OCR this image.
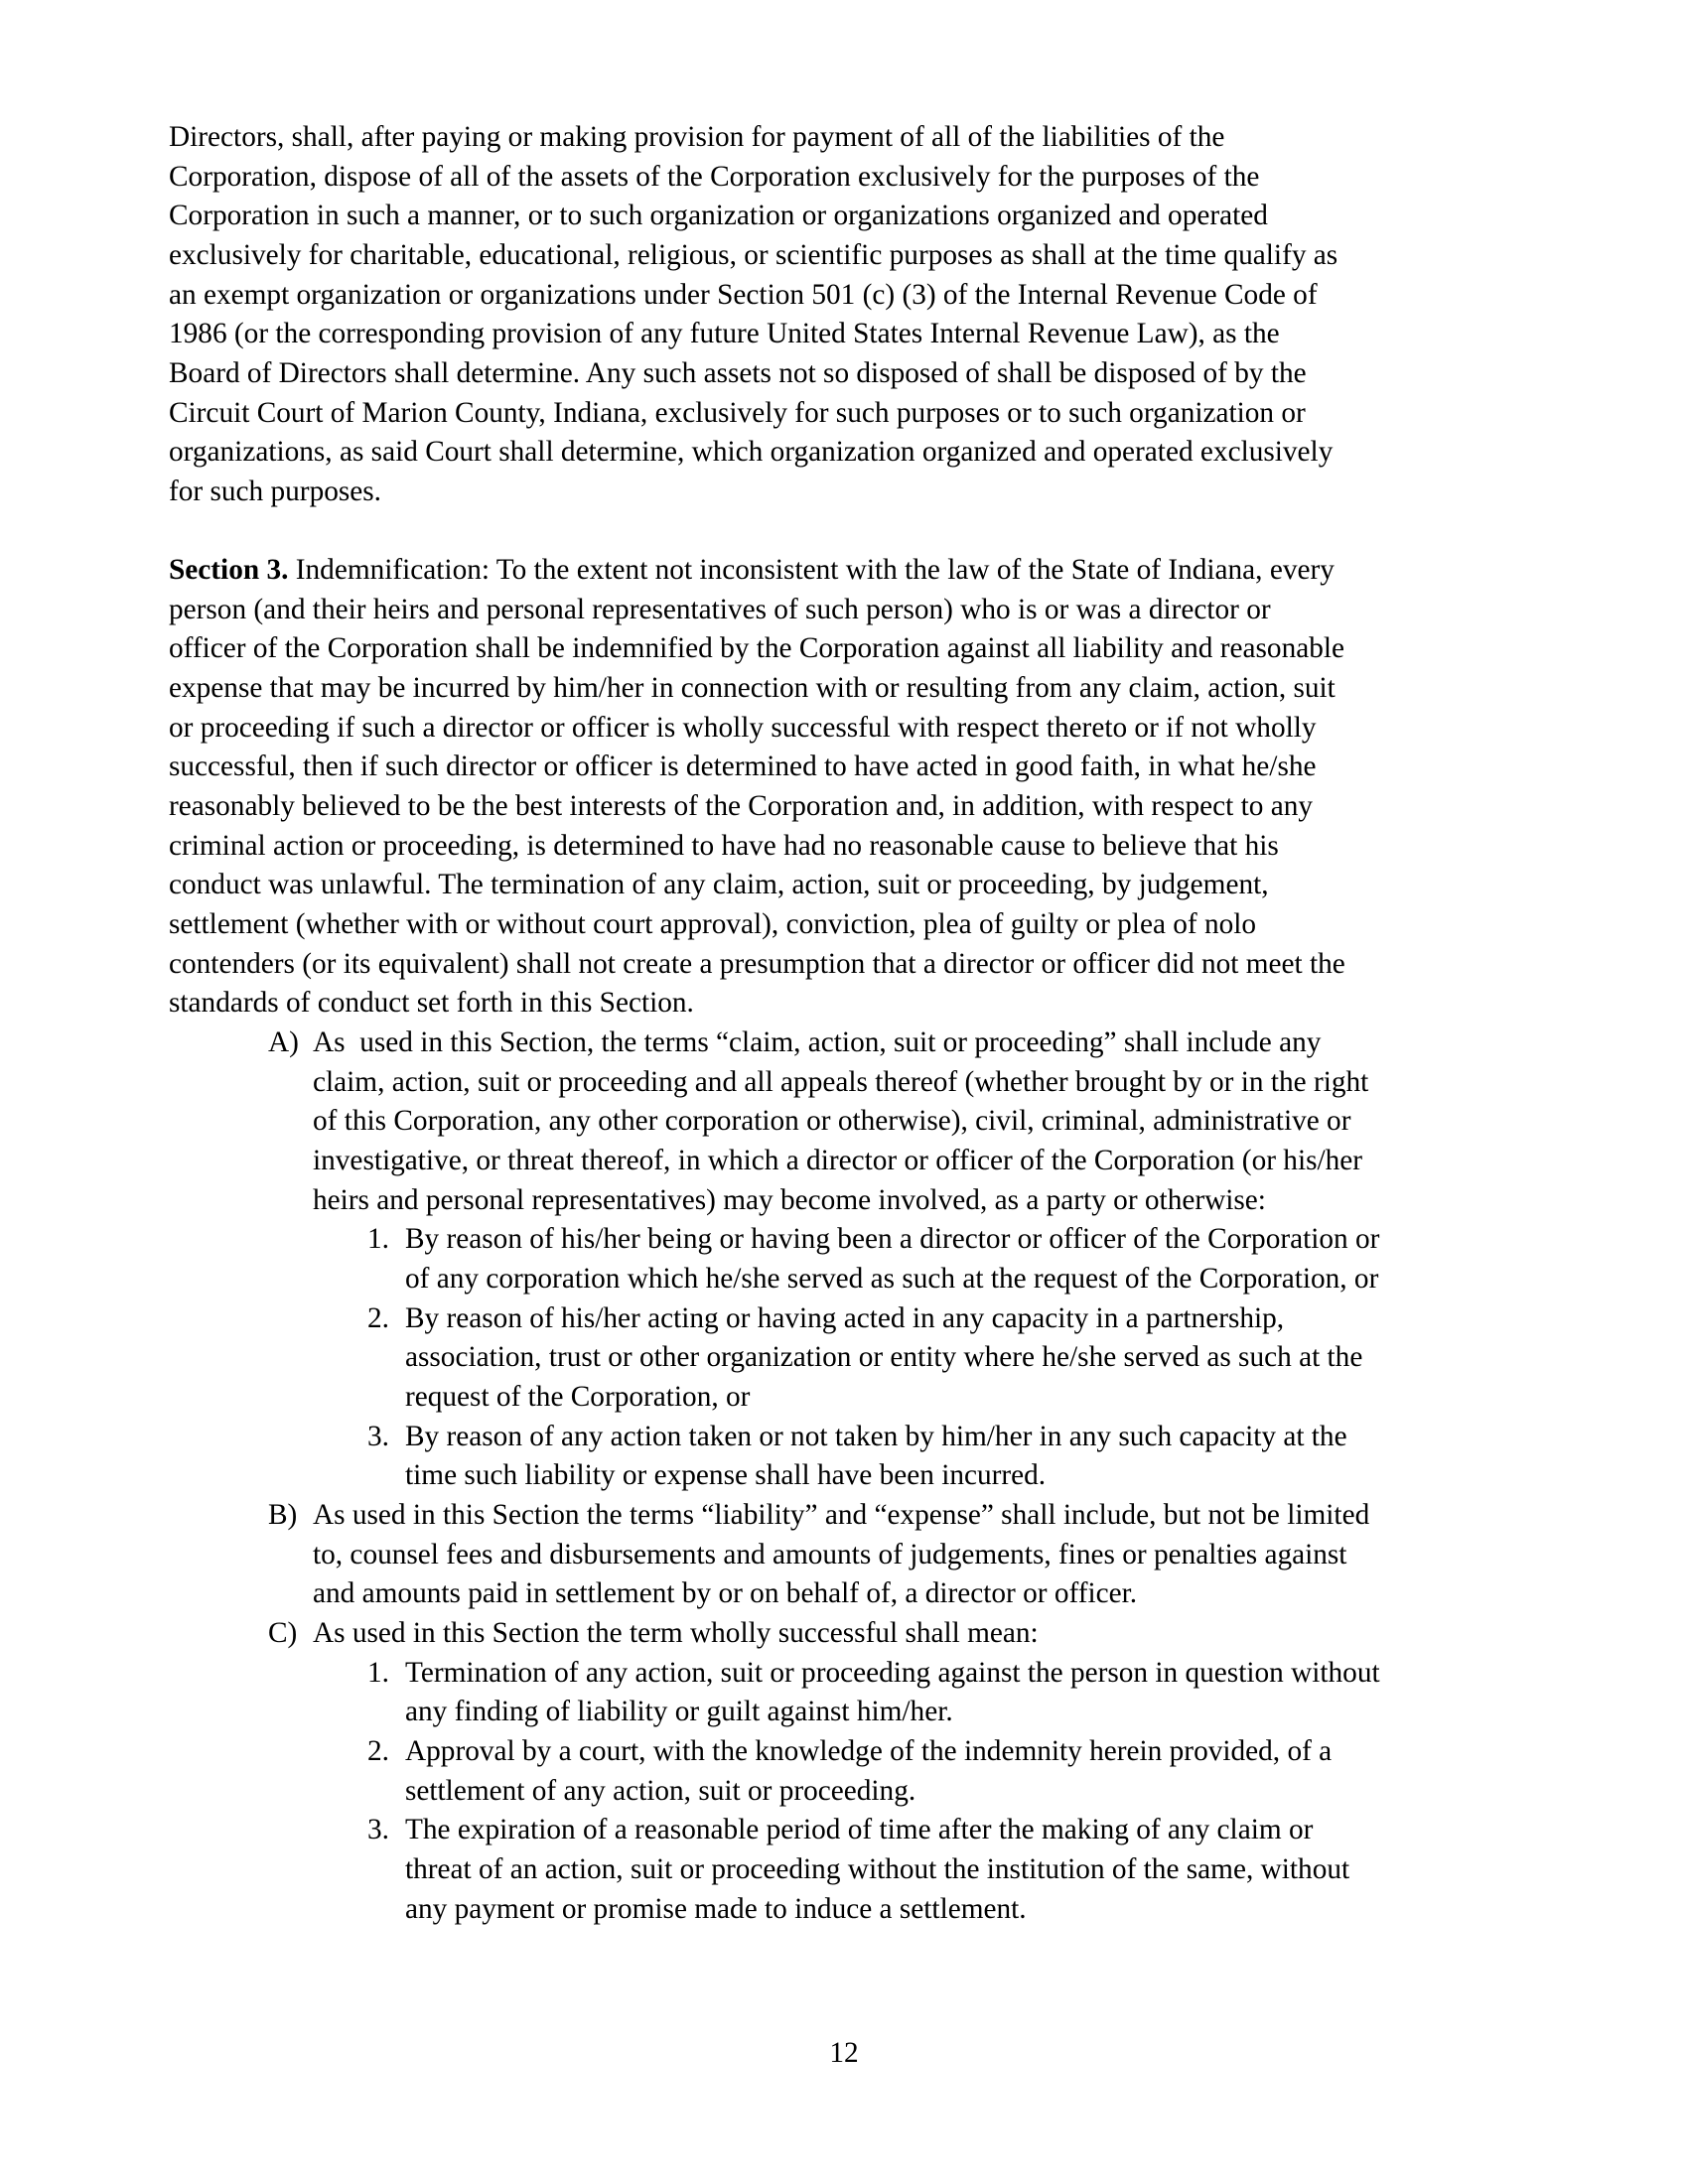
Directors, shall, after paying or making provision for payment of all of the liabilities of the
Corporation, dispose of all of the assets of the Corporation exclusively for the purposes of the
Corporation in such a manner, or to such organization or organizations organized and operated
exclusively for charitable, educational, religious, or scientific purposes as shall at the time qualify as
an exempt organization or organizations under Section 501 (c) (3) of the Internal Revenue Code of
1986 (or the corresponding provision of any future United States Internal Revenue Law), as the
Board of Directors shall determine. Any such assets not so disposed of shall be disposed of by the
Circuit Court of Marion County, Indiana, exclusively for such purposes or to such organization or
organizations, as said Court shall determine, which organization organized and operated exclusively
for such purposes.
Section 3. Indemnification: To the extent not inconsistent with the law of the State of Indiana, every
person (and their heirs and personal representatives of such person) who is or was a director or
officer of the Corporation shall be indemnified by the Corporation against all liability and reasonable
expense that may be incurred by him/her in connection with or resulting from any claim, action, suit
or proceeding if such a director or officer is wholly successful with respect thereto or if not wholly
successful, then if such director or officer is determined to have acted in good faith, in what he/she
reasonably believed to be the best interests of the Corporation and, in addition, with respect to any
criminal action or proceeding, is determined to have had no reasonable cause to believe that his
conduct was unlawful. The termination of any claim, action, suit or proceeding, by judgement,
settlement (whether with or without court approval), conviction, plea of guilty or plea of nolo
contenders (or its equivalent) shall not create a presumption that a director or officer did not meet the
standards of conduct set forth in this Section.
A) As  used in this Section, the terms “claim, action, suit or proceeding” shall include any
claim, action, suit or proceeding and all appeals thereof (whether brought by or in the right
of this Corporation, any other corporation or otherwise), civil, criminal, administrative or
investigative, or threat thereof, in which a director or officer of the Corporation (or his/her
heirs and personal representatives) may become involved, as a party or otherwise:
1. By reason of his/her being or having been a director or officer of the Corporation or
of any corporation which he/she served as such at the request of the Corporation, or
2. By reason of his/her acting or having acted in any capacity in a partnership,
association, trust or other organization or entity where he/she served as such at the
request of the Corporation, or
3. By reason of any action taken or not taken by him/her in any such capacity at the
time such liability or expense shall have been incurred.
B) As used in this Section the terms “liability” and “expense” shall include, but not be limited
to, counsel fees and disbursements and amounts of judgements, fines or penalties against
and amounts paid in settlement by or on behalf of, a director or officer.
C) As used in this Section the term wholly successful shall mean:
1. Termination of any action, suit or proceeding against the person in question without
any finding of liability or guilt against him/her.
2. Approval by a court, with the knowledge of the indemnity herein provided, of a
settlement of any action, suit or proceeding.
3. The expiration of a reasonable period of time after the making of any claim or
threat of an action, suit or proceeding without the institution of the same, without
any payment or promise made to induce a settlement.
12
